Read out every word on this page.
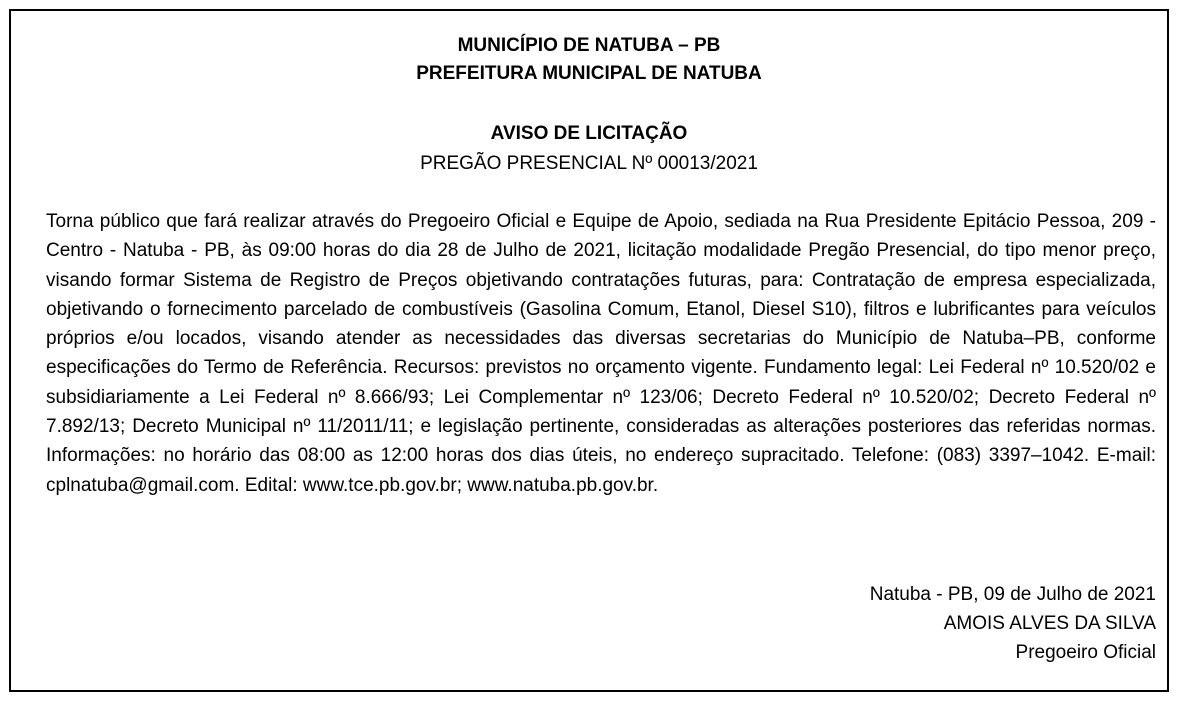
MUNICÍPIO DE NATUBA – PB
PREFEITURA MUNICIPAL DE NATUBA
AVISO DE LICITAÇÃO
PREGÃO PRESENCIAL Nº 00013/2021

Torna público que fará realizar através do Pregoeiro Oficial e Equipe de Apoio, sediada na Rua Presidente Epitácio Pessoa, 209 - Centro - Natuba - PB, às 09:00 horas do dia 28 de Julho de 2021, licitação modalidade Pregão Presencial, do tipo menor preço, visando formar Sistema de Registro de Preços objetivando contratações futuras, para: Contratação de empresa especializada, objetivando o fornecimento parcelado de combustíveis (Gasolina Comum, Etanol, Diesel S10), filtros e lubrificantes para veículos próprios e/ou locados, visando atender as necessidades das diversas secretarias do Município de Natuba–PB, conforme especificações do Termo de Referência. Recursos: previstos no orçamento vigente. Fundamento legal: Lei Federal nº 10.520/02 e subsidiariamente a Lei Federal nº 8.666/93; Lei Complementar nº 123/06; Decreto Federal nº 10.520/02; Decreto Federal nº 7.892/13; Decreto Municipal nº 11/2011/11; e legislação pertinente, consideradas as alterações posteriores das referidas normas. Informações: no horário das 08:00 as 12:00 horas dos dias úteis, no endereço supracitado. Telefone: (083) 3397–1042. E-mail: cplnatuba@gmail.com. Edital: www.tce.pb.gov.br; www.natuba.pb.gov.br.

Natuba - PB, 09 de Julho de 2021
AMOIS ALVES DA SILVA
Pregoeiro Oficial
